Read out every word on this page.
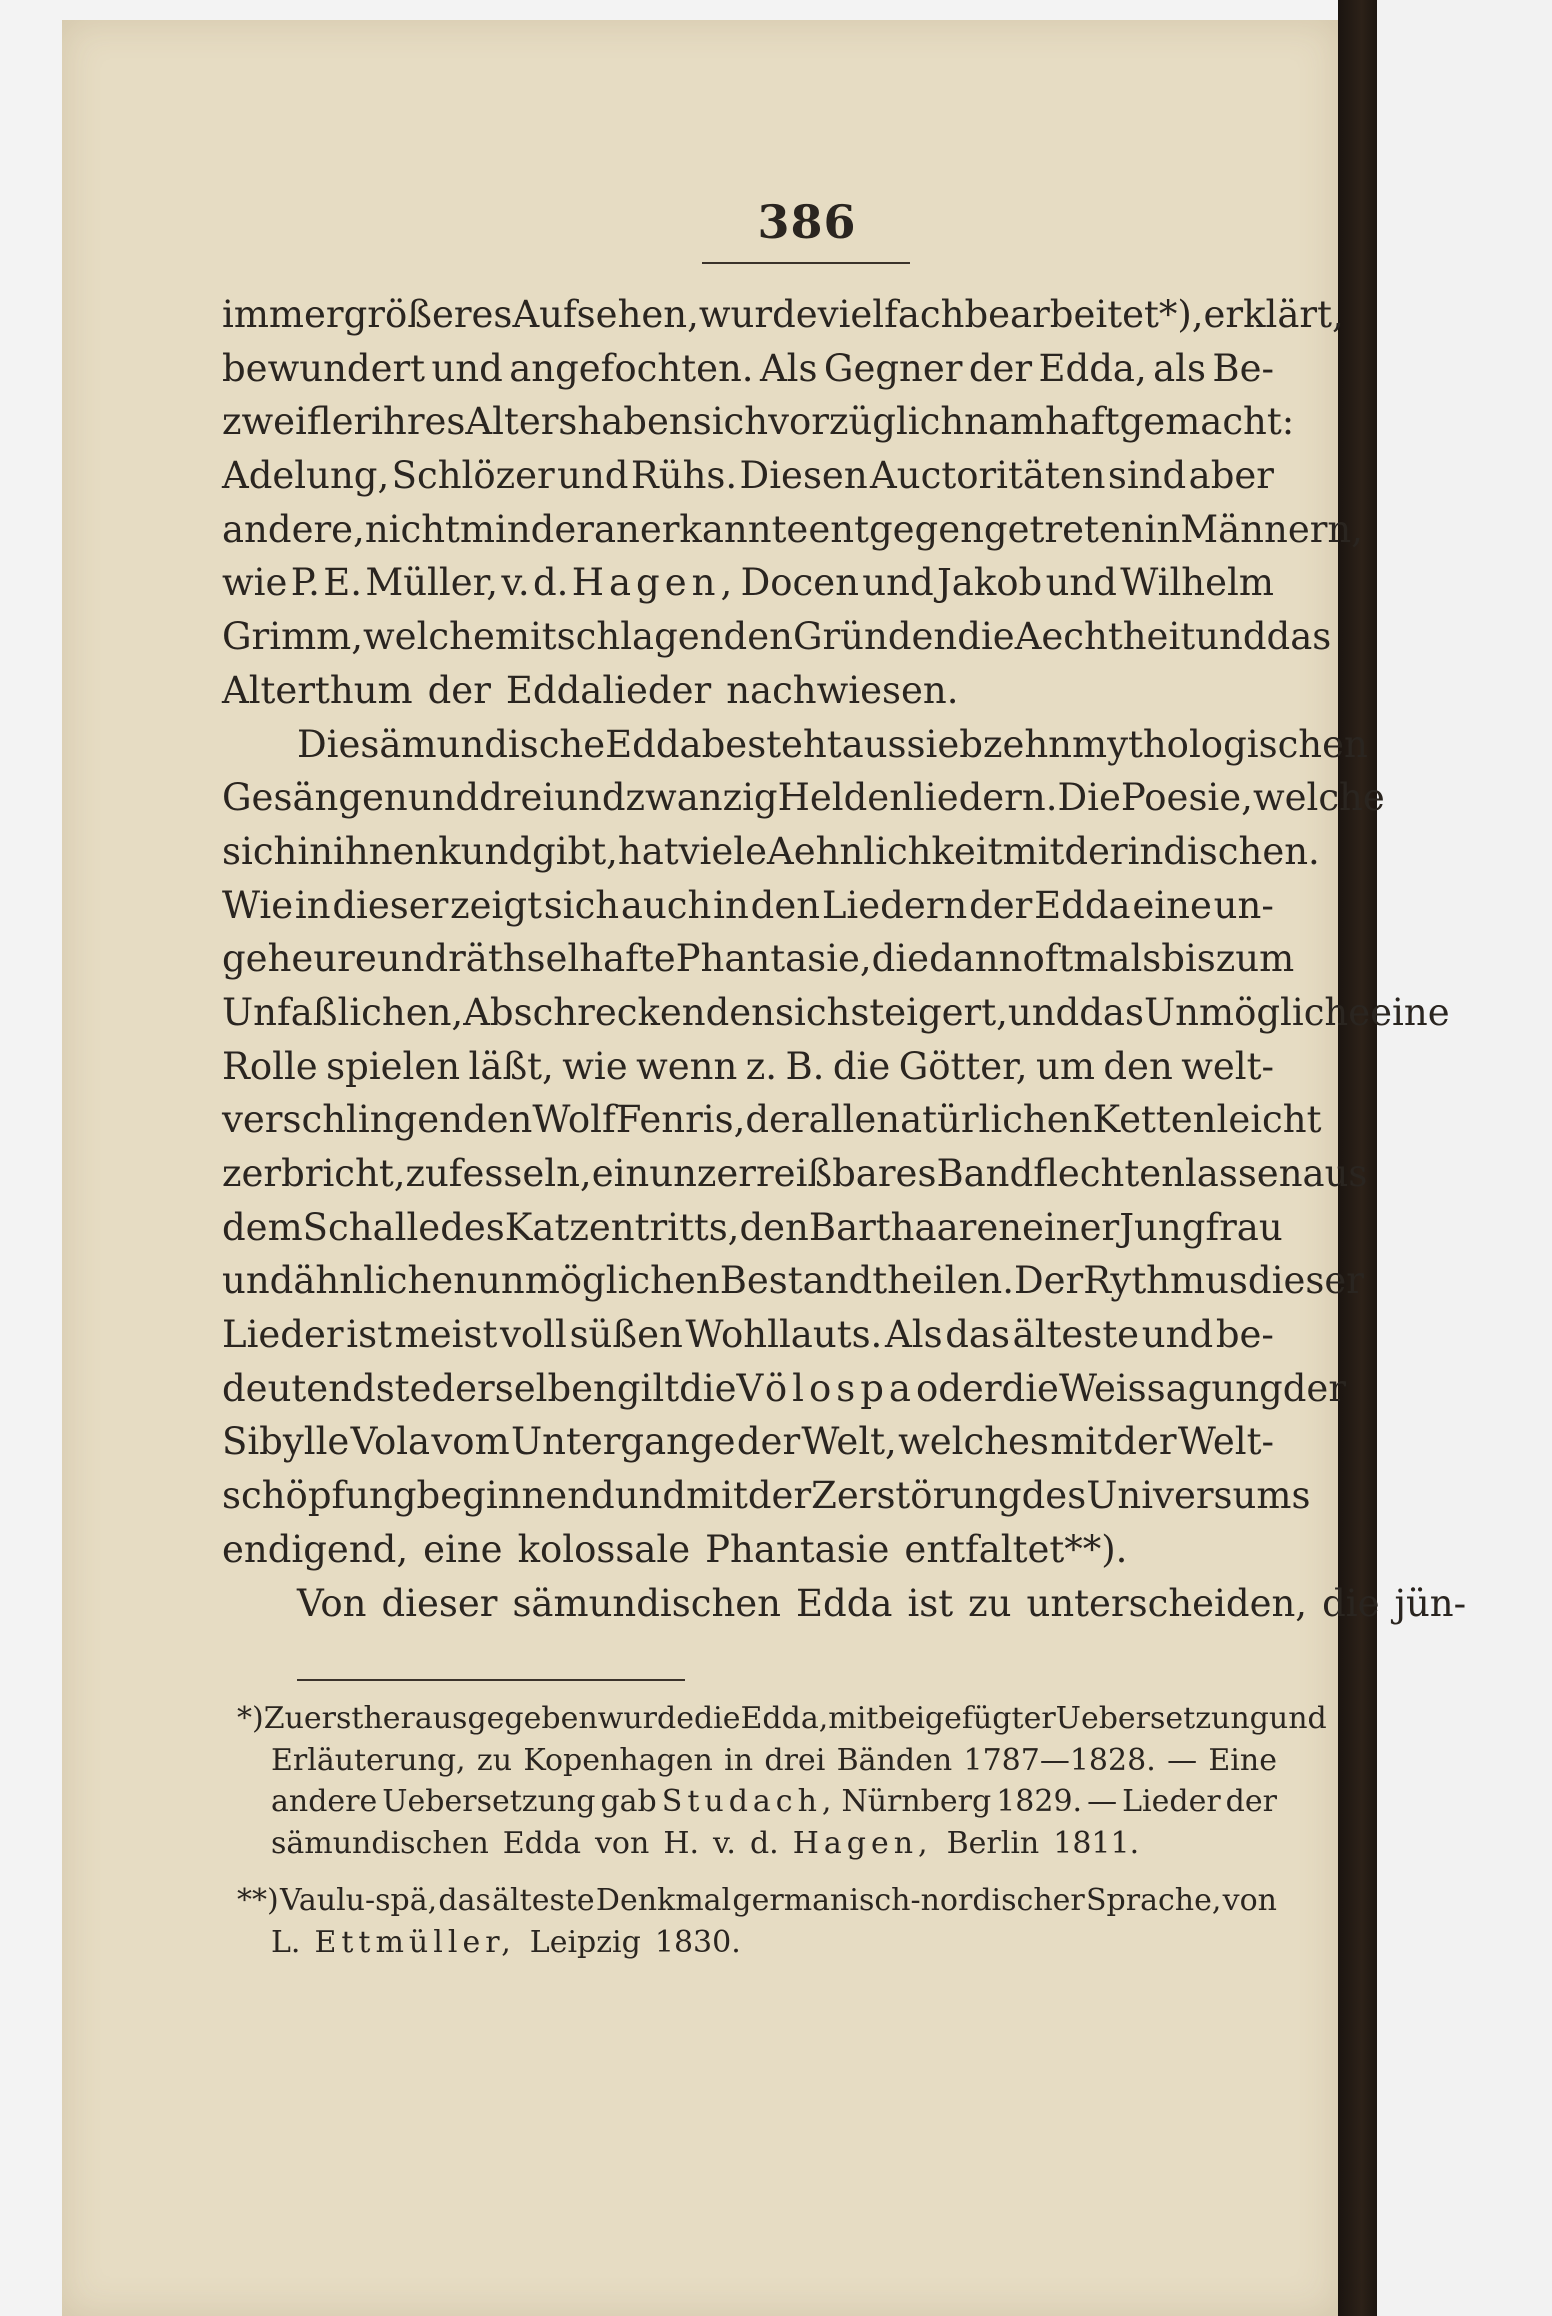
386
immer größeres Aufsehen, wurde vielfach bearbeitet*), erklärt,
bewundert und angefochten. Als Gegner der Edda, als Be-
zweifler ihres Alters haben sich vorzüglich namhaft gemacht:
Adelung, Schlözer und Rühs. Diesen Auctoritäten sind aber
andere, nicht minder anerkannte entgegengetreten in Männern,
wie P. E. Müller, v. d. Hagen, Docen und Jakob und Wilhelm
Grimm, welche mit schlagenden Gründen die Aechtheit und das
Alterthum der Eddalieder nachwiesen.
Die sämundische Edda besteht aus siebzehn mythologischen
Gesängen und dreiundzwanzig Heldenliedern. Die Poesie, welche
sich in ihnen kund gibt, hat viele Aehnlichkeit mit der indischen.
Wie in dieser zeigt sich auch in den Liedern der Edda eine un-
geheure und räthselhafte Phantasie, die dann oftmals bis zum
Unfaßlichen, Abschreckenden sich steigert, und das Unmögliche eine
Rolle spielen läßt, wie wenn z. B. die Götter, um den welt-
verschlingenden Wolf Fenris, der alle natürlichen Ketten leicht
zerbricht, zu fesseln, ein unzerreißbares Band flechten lassen aus
dem Schalle des Katzentritts, den Barthaaren einer Jungfrau
und ähnlichen unmöglichen Bestandtheilen. Der Rythmus dieser
Lieder ist meist voll süßen Wohllauts. Als das älteste und be-
deutendste derselben gilt die Völospa oder die Weissagung der
Sibylle Vola vom Untergange der Welt, welches mit der Welt-
schöpfung beginnend und mit der Zerstörung des Universums
endigend, eine kolossale Phantasie entfaltet**).
Von dieser sämundischen Edda ist zu unterscheiden, die jün-
*) Zuerst herausgegeben wurde die Edda, mit beigefügter Uebersetzung und
Erläuterung, zu Kopenhagen in drei Bänden 1787—1828. — Eine
andere Uebersetzung gab Studach, Nürnberg 1829. — Lieder der
sämundischen Edda von H. v. d. Hagen, Berlin 1811.
**) Vaulu-spä, das älteste Denkmal germanisch-nordischer Sprache, von
L. Ettmüller, Leipzig 1830.
